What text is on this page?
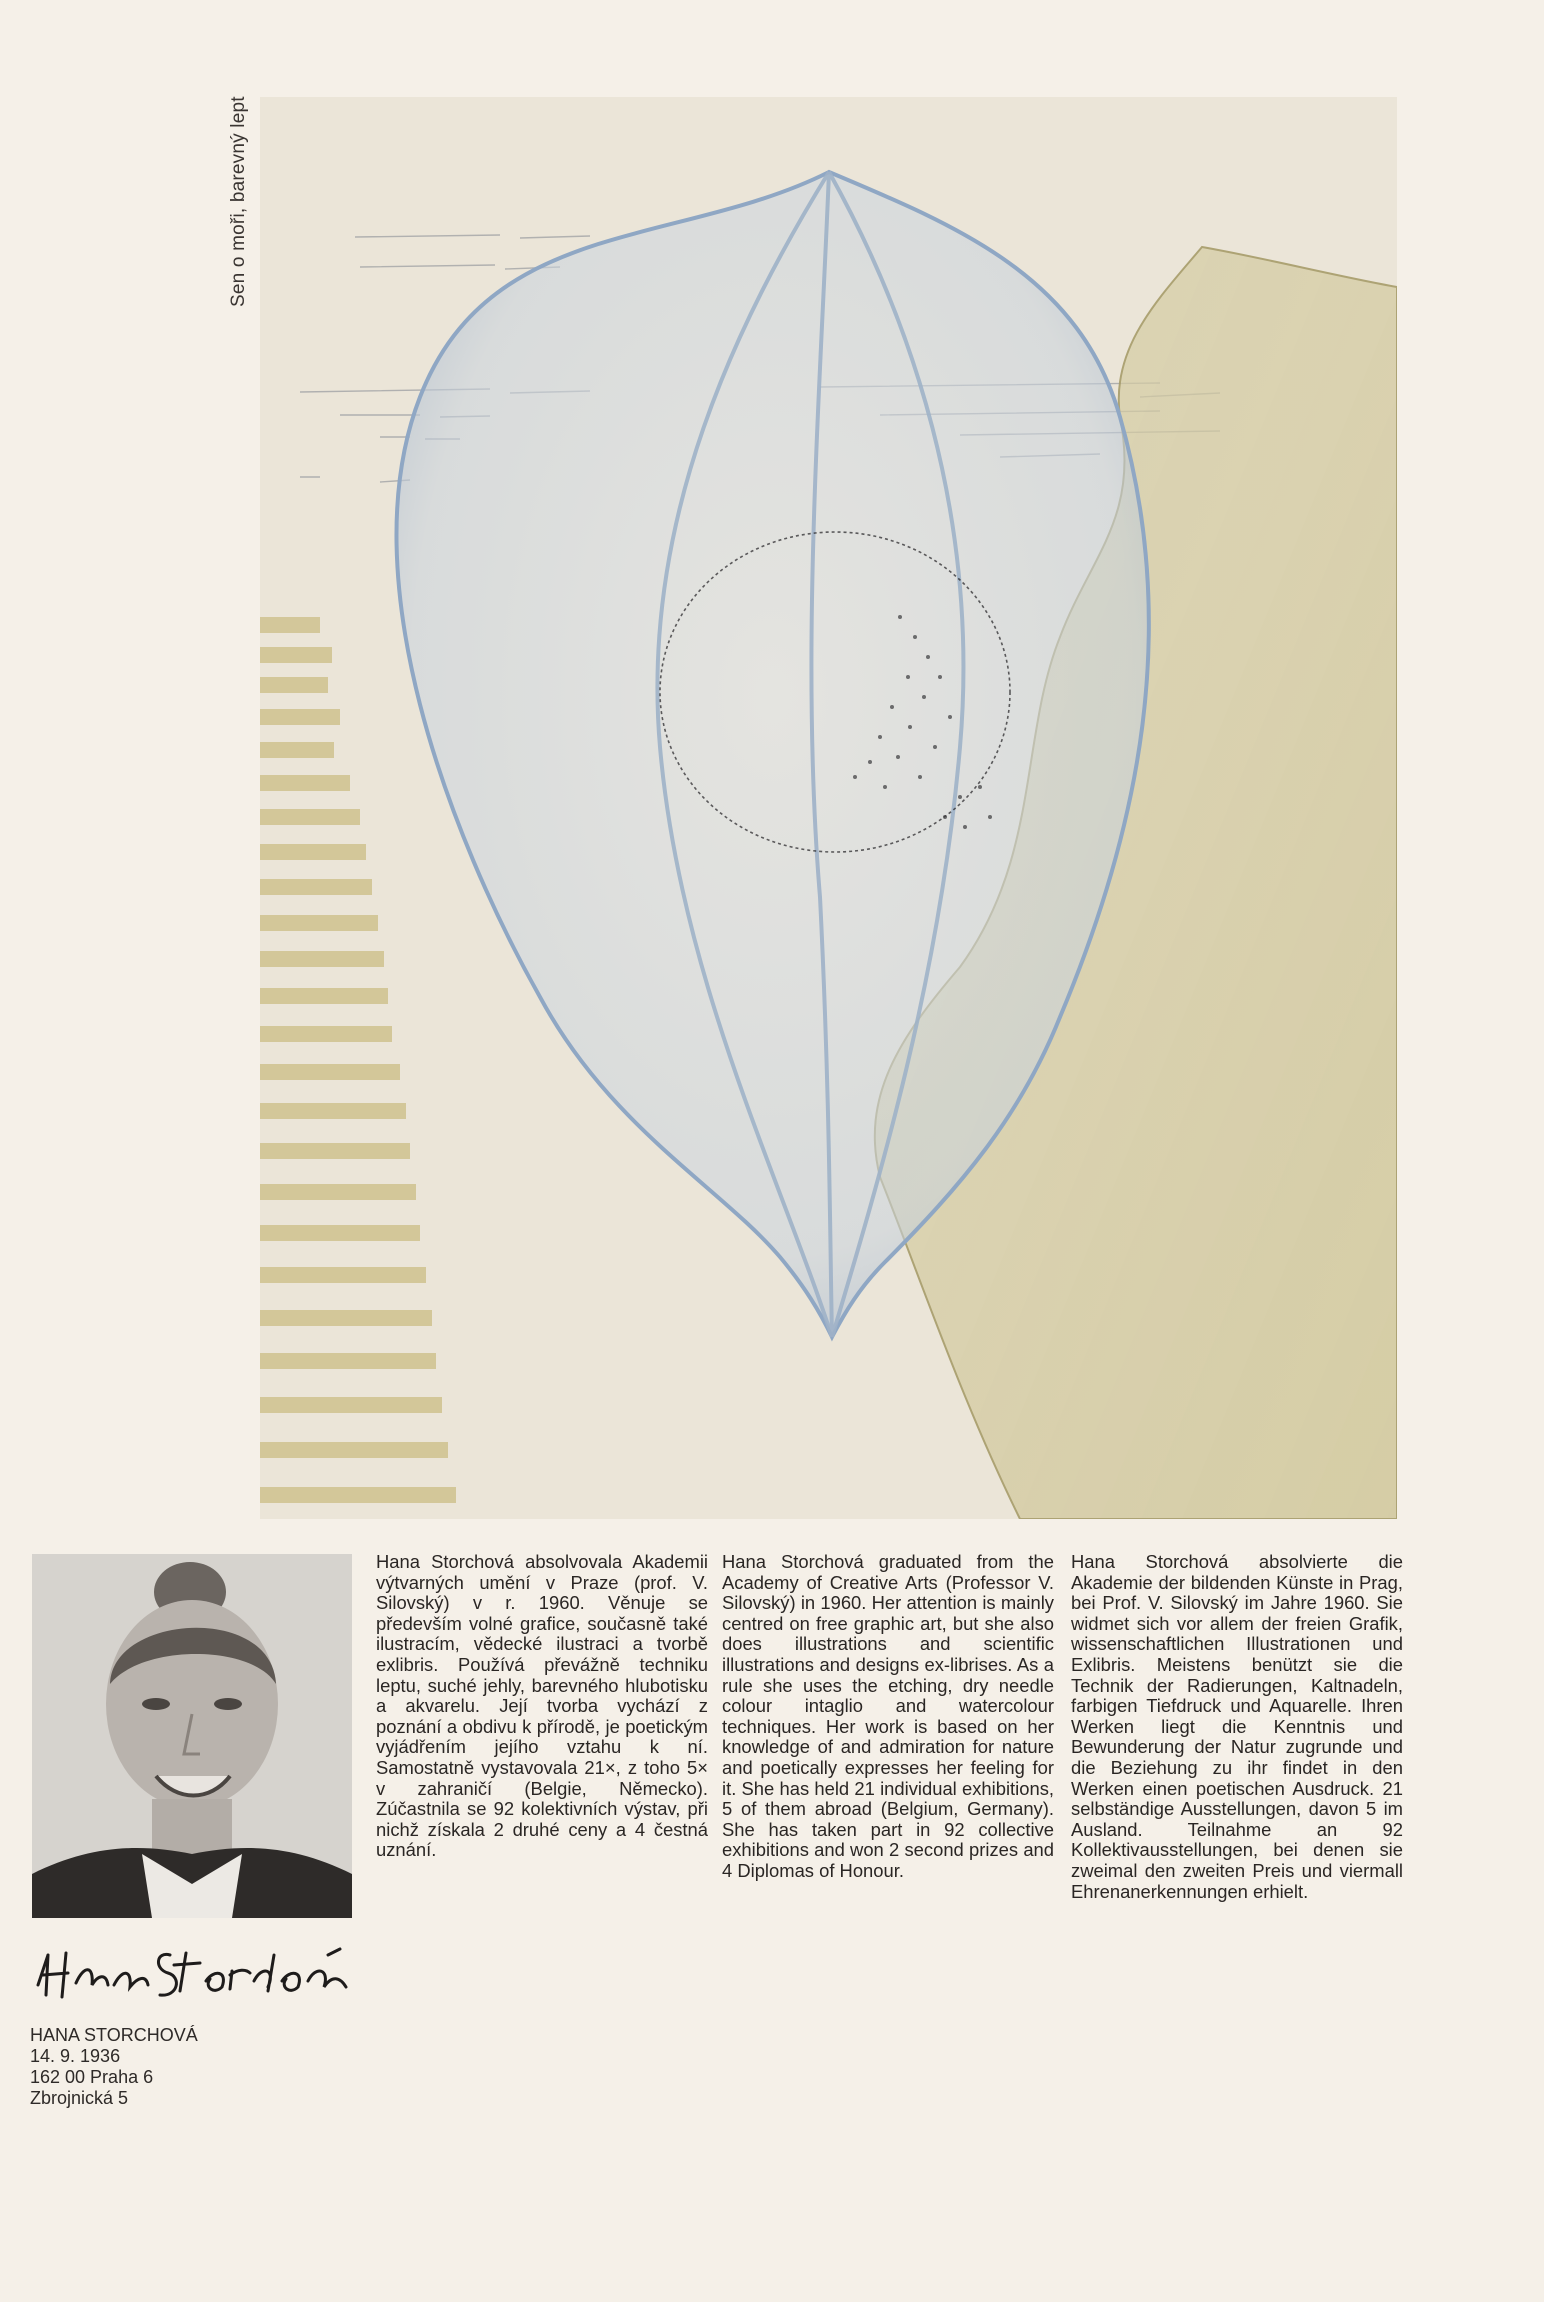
Sen o moři, barevný lept
HANA STORCHOVÁ
14. 9. 1936
162 00 Praha 6
Zbrojnická 5
Hana Storchová absolvovala Akademii výtvarných umění v Praze (prof. V. Silovský) v r. 1960. Věnuje se především volné grafice, současně také ilustracím, vědecké ilustraci a tvorbě exlibris. Používá převážně techniku leptu, suché jehly, barevného hlubotisku a akvarelu. Její tvorba vychází z poznání a obdivu k přírodě, je poetickým vyjádřením jejího vztahu k ní. Samostatně vystavovala 21×, z toho 5× v zahraničí (Belgie, Německo). Zúčastnila se 92 kolektivních výstav, při nichž získala 2 druhé ceny a 4 čestná uznání.
Hana Storchová graduated from the Academy of Creative Arts (Professor V. Silovský) in 1960. Her attention is mainly centred on free graphic art, but she also does illustrations and scientific illustrations and designs ex-librises. As a rule she uses the etching, dry needle colour intaglio and watercolour techniques. Her work is based on her knowledge of and admiration for nature and poetically expresses her feeling for it. She has held 21 individual exhibitions, 5 of them abroad (Belgium, Germany). She has taken part in 92 collective exhibitions and won 2 second prizes and 4 Diplomas of Honour.
Hana Storchová absolvierte die Akademie der bildenden Künste in Prag, bei Prof. V. Silovský im Jahre 1960. Sie widmet sich vor allem der freien Grafik, wissenschaftlichen Illustrationen und Exlibris. Meistens benützt sie die Technik der Radierungen, Kaltnadeln, farbigen Tiefdruck und Aquarelle. Ihren Werken liegt die Kenntnis und Bewunderung der Natur zugrunde und die Beziehung zu ihr findet in den Werken einen poetischen Ausdruck. 21 selbständige Ausstellungen, davon 5 im Ausland. Teilnahme an 92 Kollektivausstellungen, bei denen sie zweimal den zweiten Preis und viermall Ehrenanerkennungen erhielt.
